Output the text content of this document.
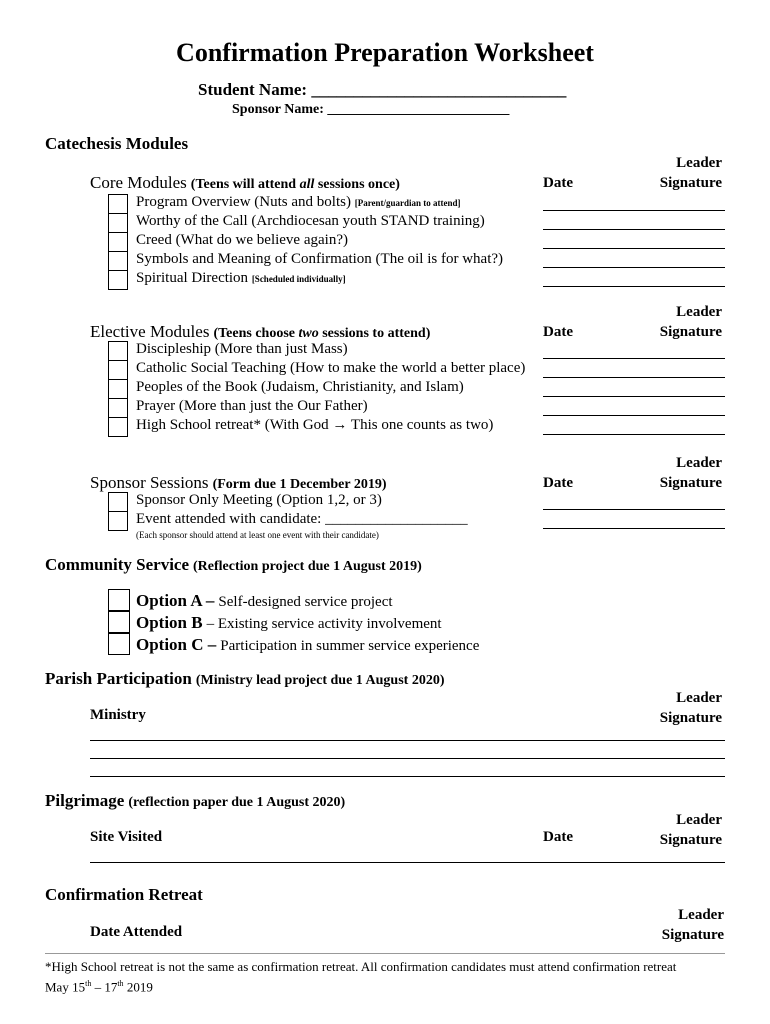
Confirmation Preparation Worksheet
Student Name: ______________________________
Sponsor Name: __________________________
Catechesis Modules
Leader
Signature
Core Modules (Teens will attend all sessions once)	Date
Program Overview (Nuts and bolts) [Parent/guardian to attend]
Worthy of the Call (Archdiocesan youth STAND training)
Creed (What do we believe again?)
Symbols and Meaning of Confirmation (The oil is for what?)
Spiritual Direction [Scheduled individually]
Leader
Signature
Elective Modules (Teens choose two sessions to attend)	Date
Discipleship (More than just Mass)
Catholic Social Teaching (How to make the world a better place)
Peoples of the Book (Judaism, Christianity, and Islam)
Prayer (More than just the Our Father)
High School retreat* (With God → This one counts as two)
Leader
Signature
Sponsor Sessions (Form due 1 December 2019)	Date
Sponsor Only Meeting (Option 1,2, or 3)
Event attended with candidate: ___________________
(Each sponsor should attend at least one event with their candidate)
Community Service (Reflection project due 1 August 2019)
Option A – Self-designed service project
Option B – Existing service activity involvement
Option C – Participation in summer service experience
Parish Participation (Ministry lead project due 1 August 2020)
Leader
Signature
Ministry
Pilgrimage (reflection paper due 1 August 2020)
Leader
Signature
Site Visited	Date
Confirmation Retreat
Leader
Signature
Date Attended
*High School retreat is not the same as confirmation retreat. All confirmation candidates must attend confirmation retreat
May 15th – 17th 2019
